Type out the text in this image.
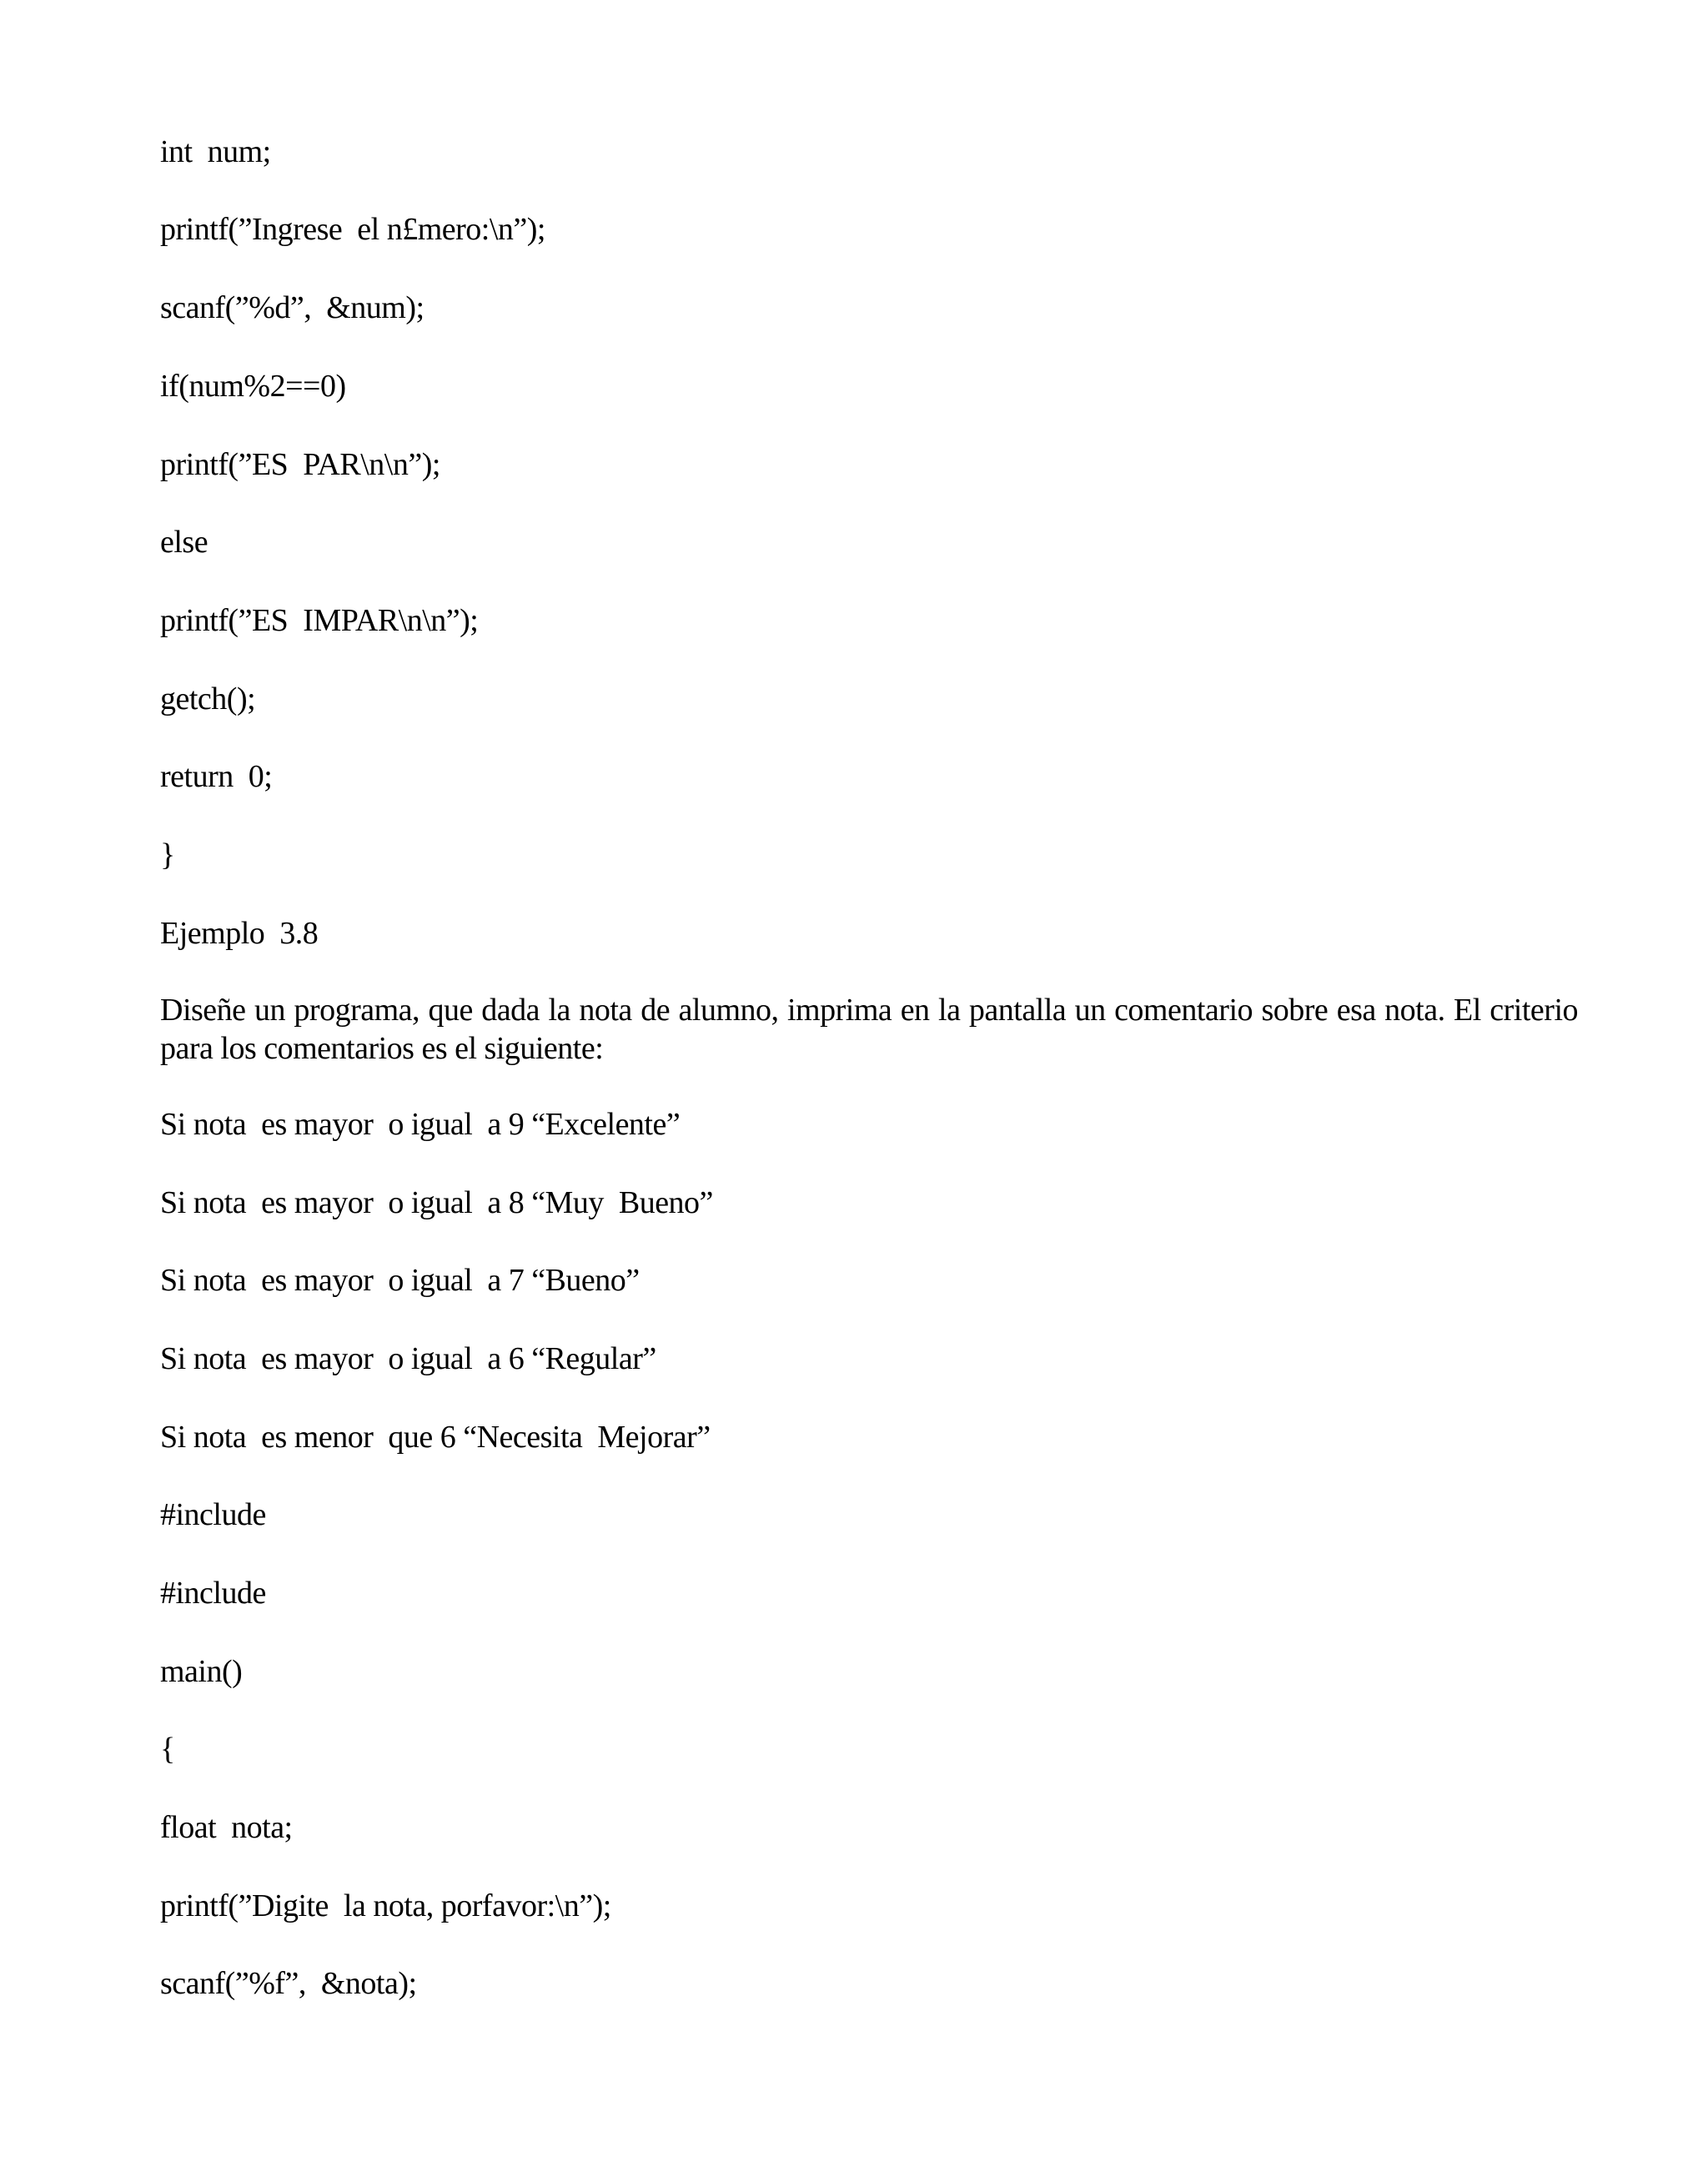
int  num;
printf(”Ingrese  el n£mero:\n”);
scanf(”%d”,  &num);
if(num%2==0)
printf(”ES  PAR\n\n”);
else
printf(”ES  IMPAR\n\n”);
getch();
return  0;
}
Ejemplo  3.8
Diseñe un programa, que dada la nota de alumno, imprima en la pantalla un comentario sobre esa nota. El criterio para los comentarios es el siguiente:
Si nota  es mayor  o igual  a 9 “Excelente”
Si nota  es mayor  o igual  a 8 “Muy  Bueno”
Si nota  es mayor  o igual  a 7 “Bueno”
Si nota  es mayor  o igual  a 6 “Regular”
Si nota  es menor  que 6 “Necesita  Mejorar”
#include
#include
main()
{
float  nota;
printf(”Digite  la nota, porfavor:\n”);
scanf(”%f”,  &nota);
